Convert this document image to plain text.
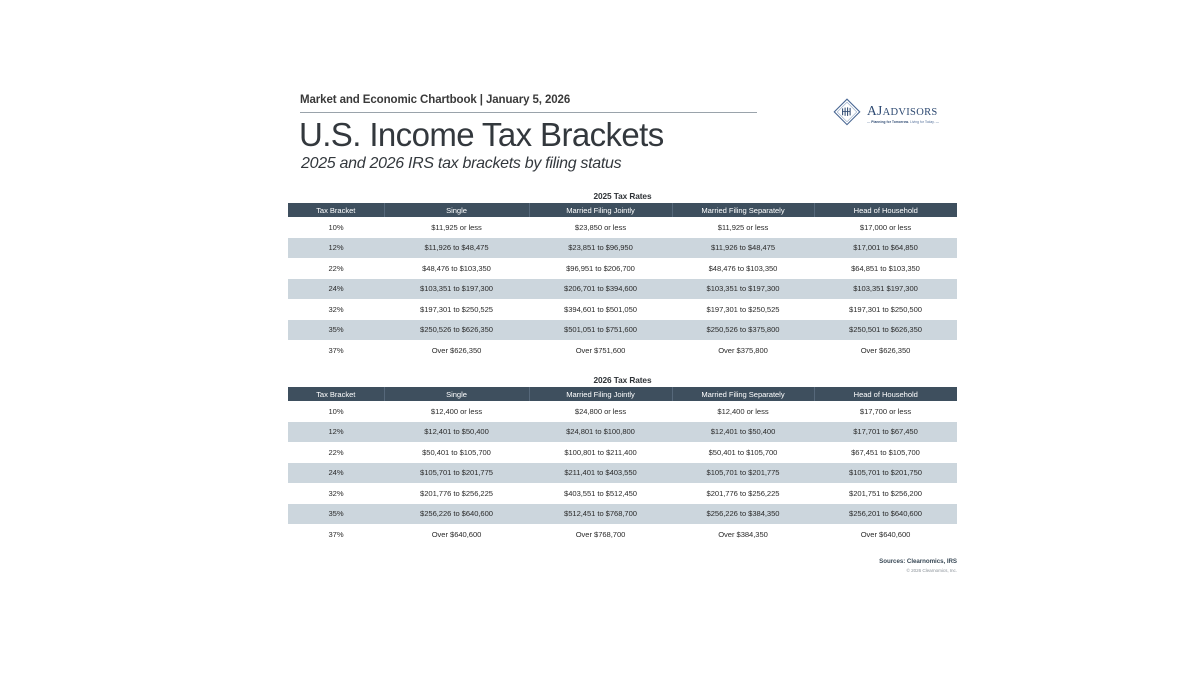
Market and Economic Chartbook | January 5, 2026
U.S. Income Tax Brackets
2025 and 2026 IRS tax brackets by filing status
AJADVISORS
— Planning for Tomorrow. Living for Today. —
2025 Tax Rates
Tax Bracket	Single	Married Filing Jointly	Married Filing Separately	Head of Household
10%	$11,925 or less	$23,850 or less	$11,925 or less	$17,000 or less
12%	$11,926 to $48,475	$23,851 to $96,950	$11,926 to $48,475	$17,001 to $64,850
22%	$48,476 to $103,350	$96,951 to $206,700	$48,476 to $103,350	$64,851 to $103,350
24%	$103,351 to $197,300	$206,701 to $394,600	$103,351 to $197,300	$103,351 $197,300
32%	$197,301 to $250,525	$394,601 to $501,050	$197,301 to $250,525	$197,301 to $250,500
35%	$250,526 to $626,350	$501,051 to $751,600	$250,526 to $375,800	$250,501 to $626,350
37%	Over $626,350	Over $751,600	Over $375,800	Over $626,350
2026 Tax Rates
Tax Bracket	Single	Married Filing Jointly	Married Filing Separately	Head of Household
10%	$12,400 or less	$24,800 or less	$12,400 or less	$17,700 or less
12%	$12,401 to $50,400	$24,801 to $100,800	$12,401 to $50,400	$17,701 to $67,450
22%	$50,401 to $105,700	$100,801 to $211,400	$50,401 to $105,700	$67,451 to $105,700
24%	$105,701 to $201,775	$211,401 to $403,550	$105,701 to $201,775	$105,701 to $201,750
32%	$201,776 to $256,225	$403,551 to $512,450	$201,776 to $256,225	$201,751 to $256,200
35%	$256,226 to $640,600	$512,451 to $768,700	$256,226 to $384,350	$256,201 to $640,600
37%	Over $640,600	Over $768,700	Over $384,350	Over $640,600
Sources: Clearnomics, IRS
© 2026 Clearnomics, Inc.
